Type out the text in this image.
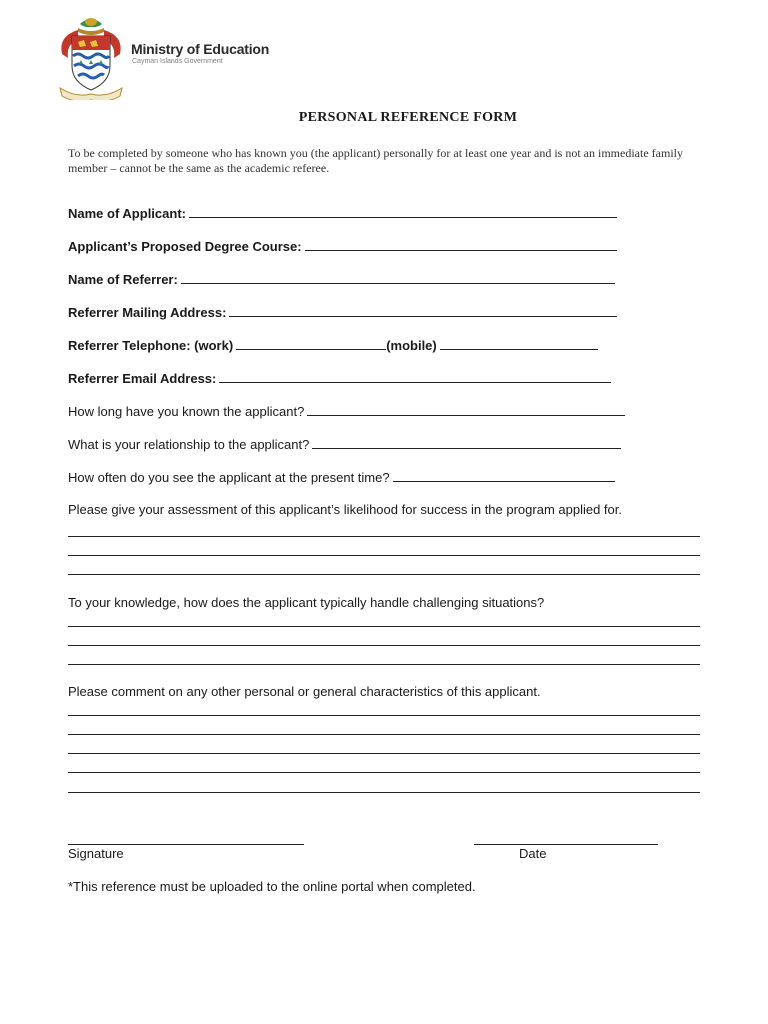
Ministry of Education
Cayman Islands Government
PERSONAL REFERENCE FORM
To be completed by someone who has known you (the applicant) personally for at least one year and is not an immediate family member – cannot be the same as the academic referee.
Name of Applicant:
Applicant’s Proposed Degree Course:
Name of Referrer:
Referrer Mailing Address:
Referrer Telephone: (work)	(mobile)
Referrer Email Address:
How long have you known the applicant?
What is your relationship to the applicant?
How often do you see the applicant at the present time?
Please give your assessment of this applicant’s likelihood for success in the program applied for.
To your knowledge, how does the applicant typically handle challenging situations?
Please comment on any other personal or general characteristics of this applicant.
Signature	Date
*This reference must be uploaded to the online portal when completed.
